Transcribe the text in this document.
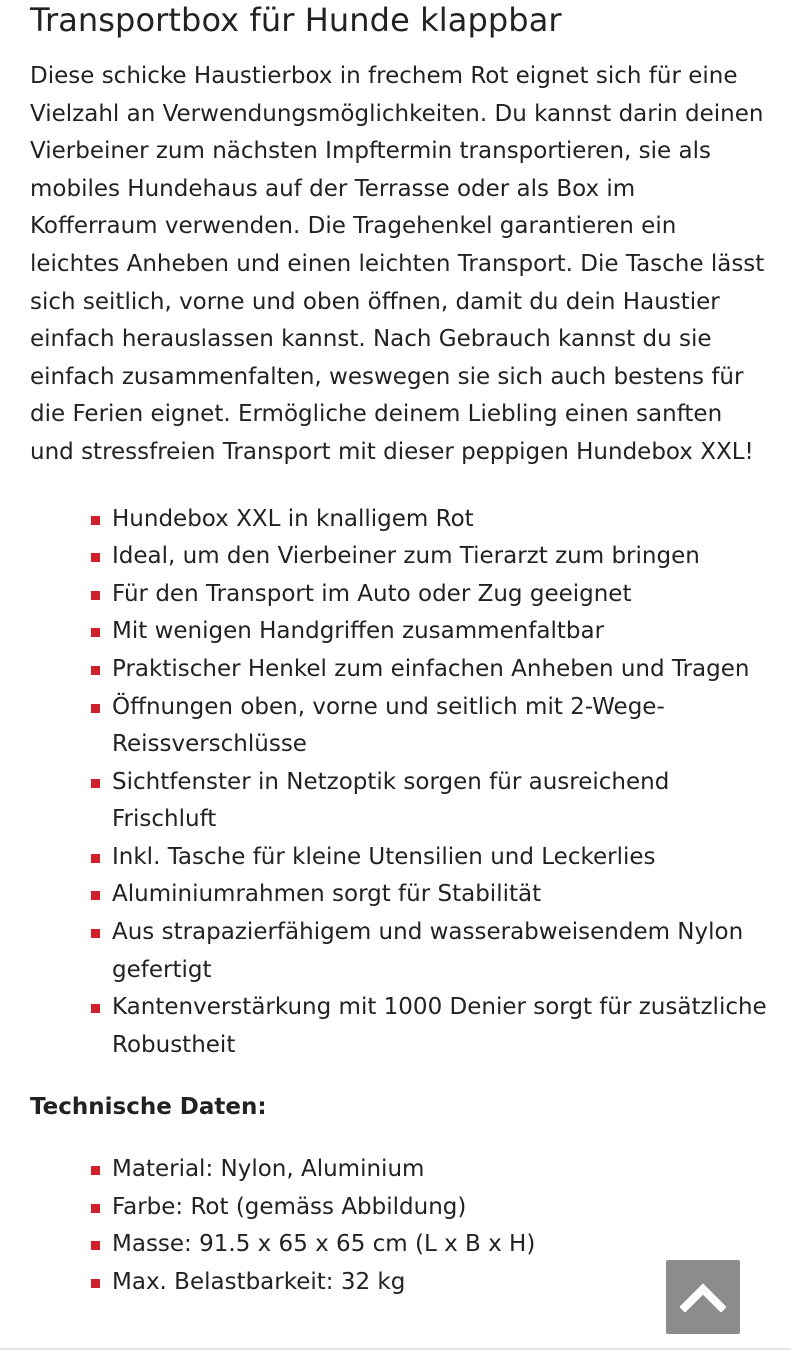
Transportbox für Hunde klappbar

Diese schicke Haustierbox in frechem Rot eignet sich für eine Vielzahl an Verwendungsmöglichkeiten. Du kannst darin deinen Vierbeiner zum nächsten Impftermin transportieren, sie als mobiles Hundehaus auf der Terrasse oder als Box im Kofferraum verwenden. Die Tragehenkel garantieren ein leichtes Anheben und einen leichten Transport. Die Tasche lässt sich seitlich, vorne und oben öffnen, damit du dein Haustier einfach herauslassen kannst. Nach Gebrauch kannst du sie einfach zusammenfalten, weswegen sie sich auch bestens für die Ferien eignet. Ermögliche deinem Liebling einen sanften und stressfreien Transport mit dieser peppigen Hundebox XXL!

Hundebox XXL in knalligem Rot
Ideal, um den Vierbeiner zum Tierarzt zum bringen
Für den Transport im Auto oder Zug geeignet
Mit wenigen Handgriffen zusammenfaltbar
Praktischer Henkel zum einfachen Anheben und Tragen
Öffnungen oben, vorne und seitlich mit 2-Wege-Reissverschlüsse
Sichtfenster in Netzoptik sorgen für ausreichend Frischluft
Inkl. Tasche für kleine Utensilien und Leckerlies
Aluminiumrahmen sorgt für Stabilität
Aus strapazierfähigem und wasserabweisendem Nylon gefertigt
Kantenverstärkung mit 1000 Denier sorgt für zusätzliche Robustheit

Technische Daten:

Material: Nylon, Aluminium
Farbe: Rot (gemäss Abbildung)
Masse: 91.5 x 65 x 65 cm (L x B x H)
Max. Belastbarkeit: 32 kg
